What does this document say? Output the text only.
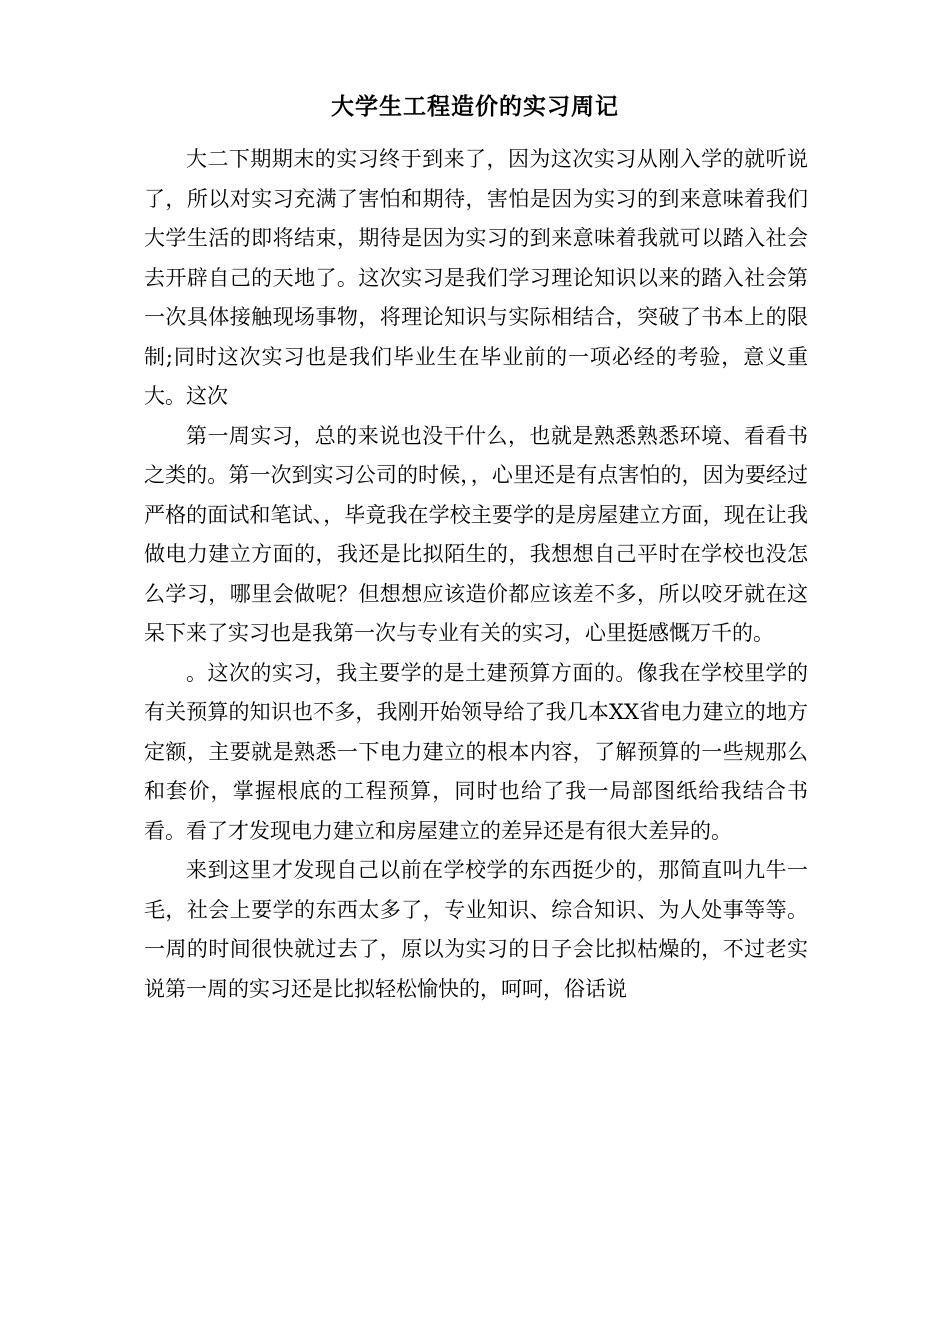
大学生工程造价的实习周记

大二下期期末的实习终于到来了，因为这次实习从刚入学的就听说了，所以对实习充满了害怕和期待，害怕是因为实习的到来意味着我们大学生活的即将结束，期待是因为实习的到来意味着我就可以踏入社会去开辟自己的天地了。这次实习是我们学习理论知识以来的踏入社会第一次具体接触现场事物，将理论知识与实际相结合，突破了书本上的限制;同时这次实习也是我们毕业生在毕业前的一项必经的考验，意义重大。这次

第一周实习，总的来说也没干什么，也就是熟悉熟悉环境、看看书之类的。第一次到实习公司的时候，，心里还是有点害怕的，因为要经过严格的面试和笔试、，毕竟我在学校主要学的是房屋建立方面，现在让我做电力建立方面的，我还是比拟陌生的，我想想自己平时在学校也没怎么学习，哪里会做呢？但想想应该造价都应该差不多，所以咬牙就在这呆下来了实习也是我第一次与专业有关的实习，心里挺感慨万千的。

。这次的实习，我主要学的是土建预算方面的。像我在学校里学的有关预算的知识也不多，我刚开始领导给了我几本XX省电力建立的地方定额，主要就是熟悉一下电力建立的根本内容，了解预算的一些规那么和套价，掌握根底的工程预算，同时也给了我一局部图纸给我结合书看。看了才发现电力建立和房屋建立的差异还是有很大差异的。

来到这里才发现自己以前在学校学的东西挺少的，那简直叫九牛一毛，社会上要学的东西太多了，专业知识、综合知识、为人处事等等。一周的时间很快就过去了，原以为实习的日子会比拟枯燥的，不过老实说第一周的实习还是比拟轻松愉快的，呵呵，俗话说
